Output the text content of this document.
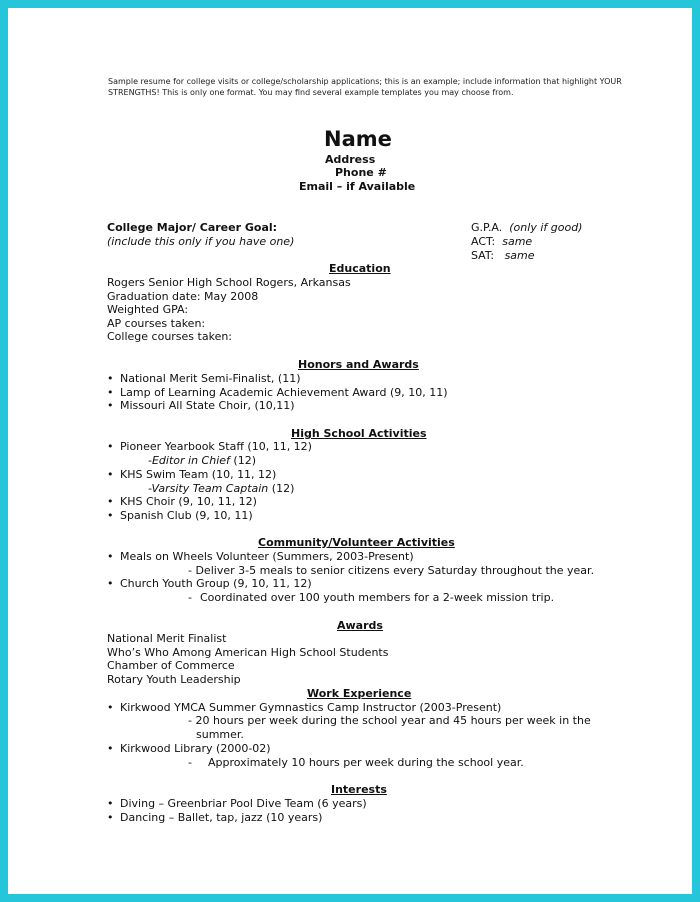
Sample resume for college visits or college/scholarship applications; this is an example; include information that highlight YOUR STRENGTHS! This is only one format. You may find several example templates you may choose from.
Name
Address
Phone #
Email – if Available
College Major/ Career Goal:
(include this only if you have one)
G.P.A. (only if good)
ACT: same
SAT: same
Education
Rogers Senior High School Rogers, Arkansas
Graduation date: May 2008
Weighted GPA:
AP courses taken:
College courses taken:
Honors and Awards
• National Merit Semi-Finalist, (11)
• Lamp of Learning Academic Achievement Award (9, 10, 11)
• Missouri All State Choir, (10,11)
High School Activities
• Pioneer Yearbook Staff (10, 11, 12)
-Editor in Chief (12)
• KHS Swim Team (10, 11, 12)
-Varsity Team Captain (12)
• KHS Choir (9, 10, 11, 12)
• Spanish Club (9, 10, 11)
Community/Volunteer Activities
• Meals on Wheels Volunteer (Summers, 2003-Present)
- Deliver 3-5 meals to senior citizens every Saturday throughout the year.
• Church Youth Group (9, 10, 11, 12)
- Coordinated over 100 youth members for a 2-week mission trip.
Awards
National Merit Finalist
Who’s Who Among American High School Students
Chamber of Commerce
Rotary Youth Leadership
Work Experience
• Kirkwood YMCA Summer Gymnastics Camp Instructor (2003-Present)
- 20 hours per week during the school year and 45 hours per week in the
summer.
• Kirkwood Library (2000-02)
- Approximately 10 hours per week during the school year.
Interests
• Diving – Greenbriar Pool Dive Team (6 years)
• Dancing – Ballet, tap, jazz (10 years)
